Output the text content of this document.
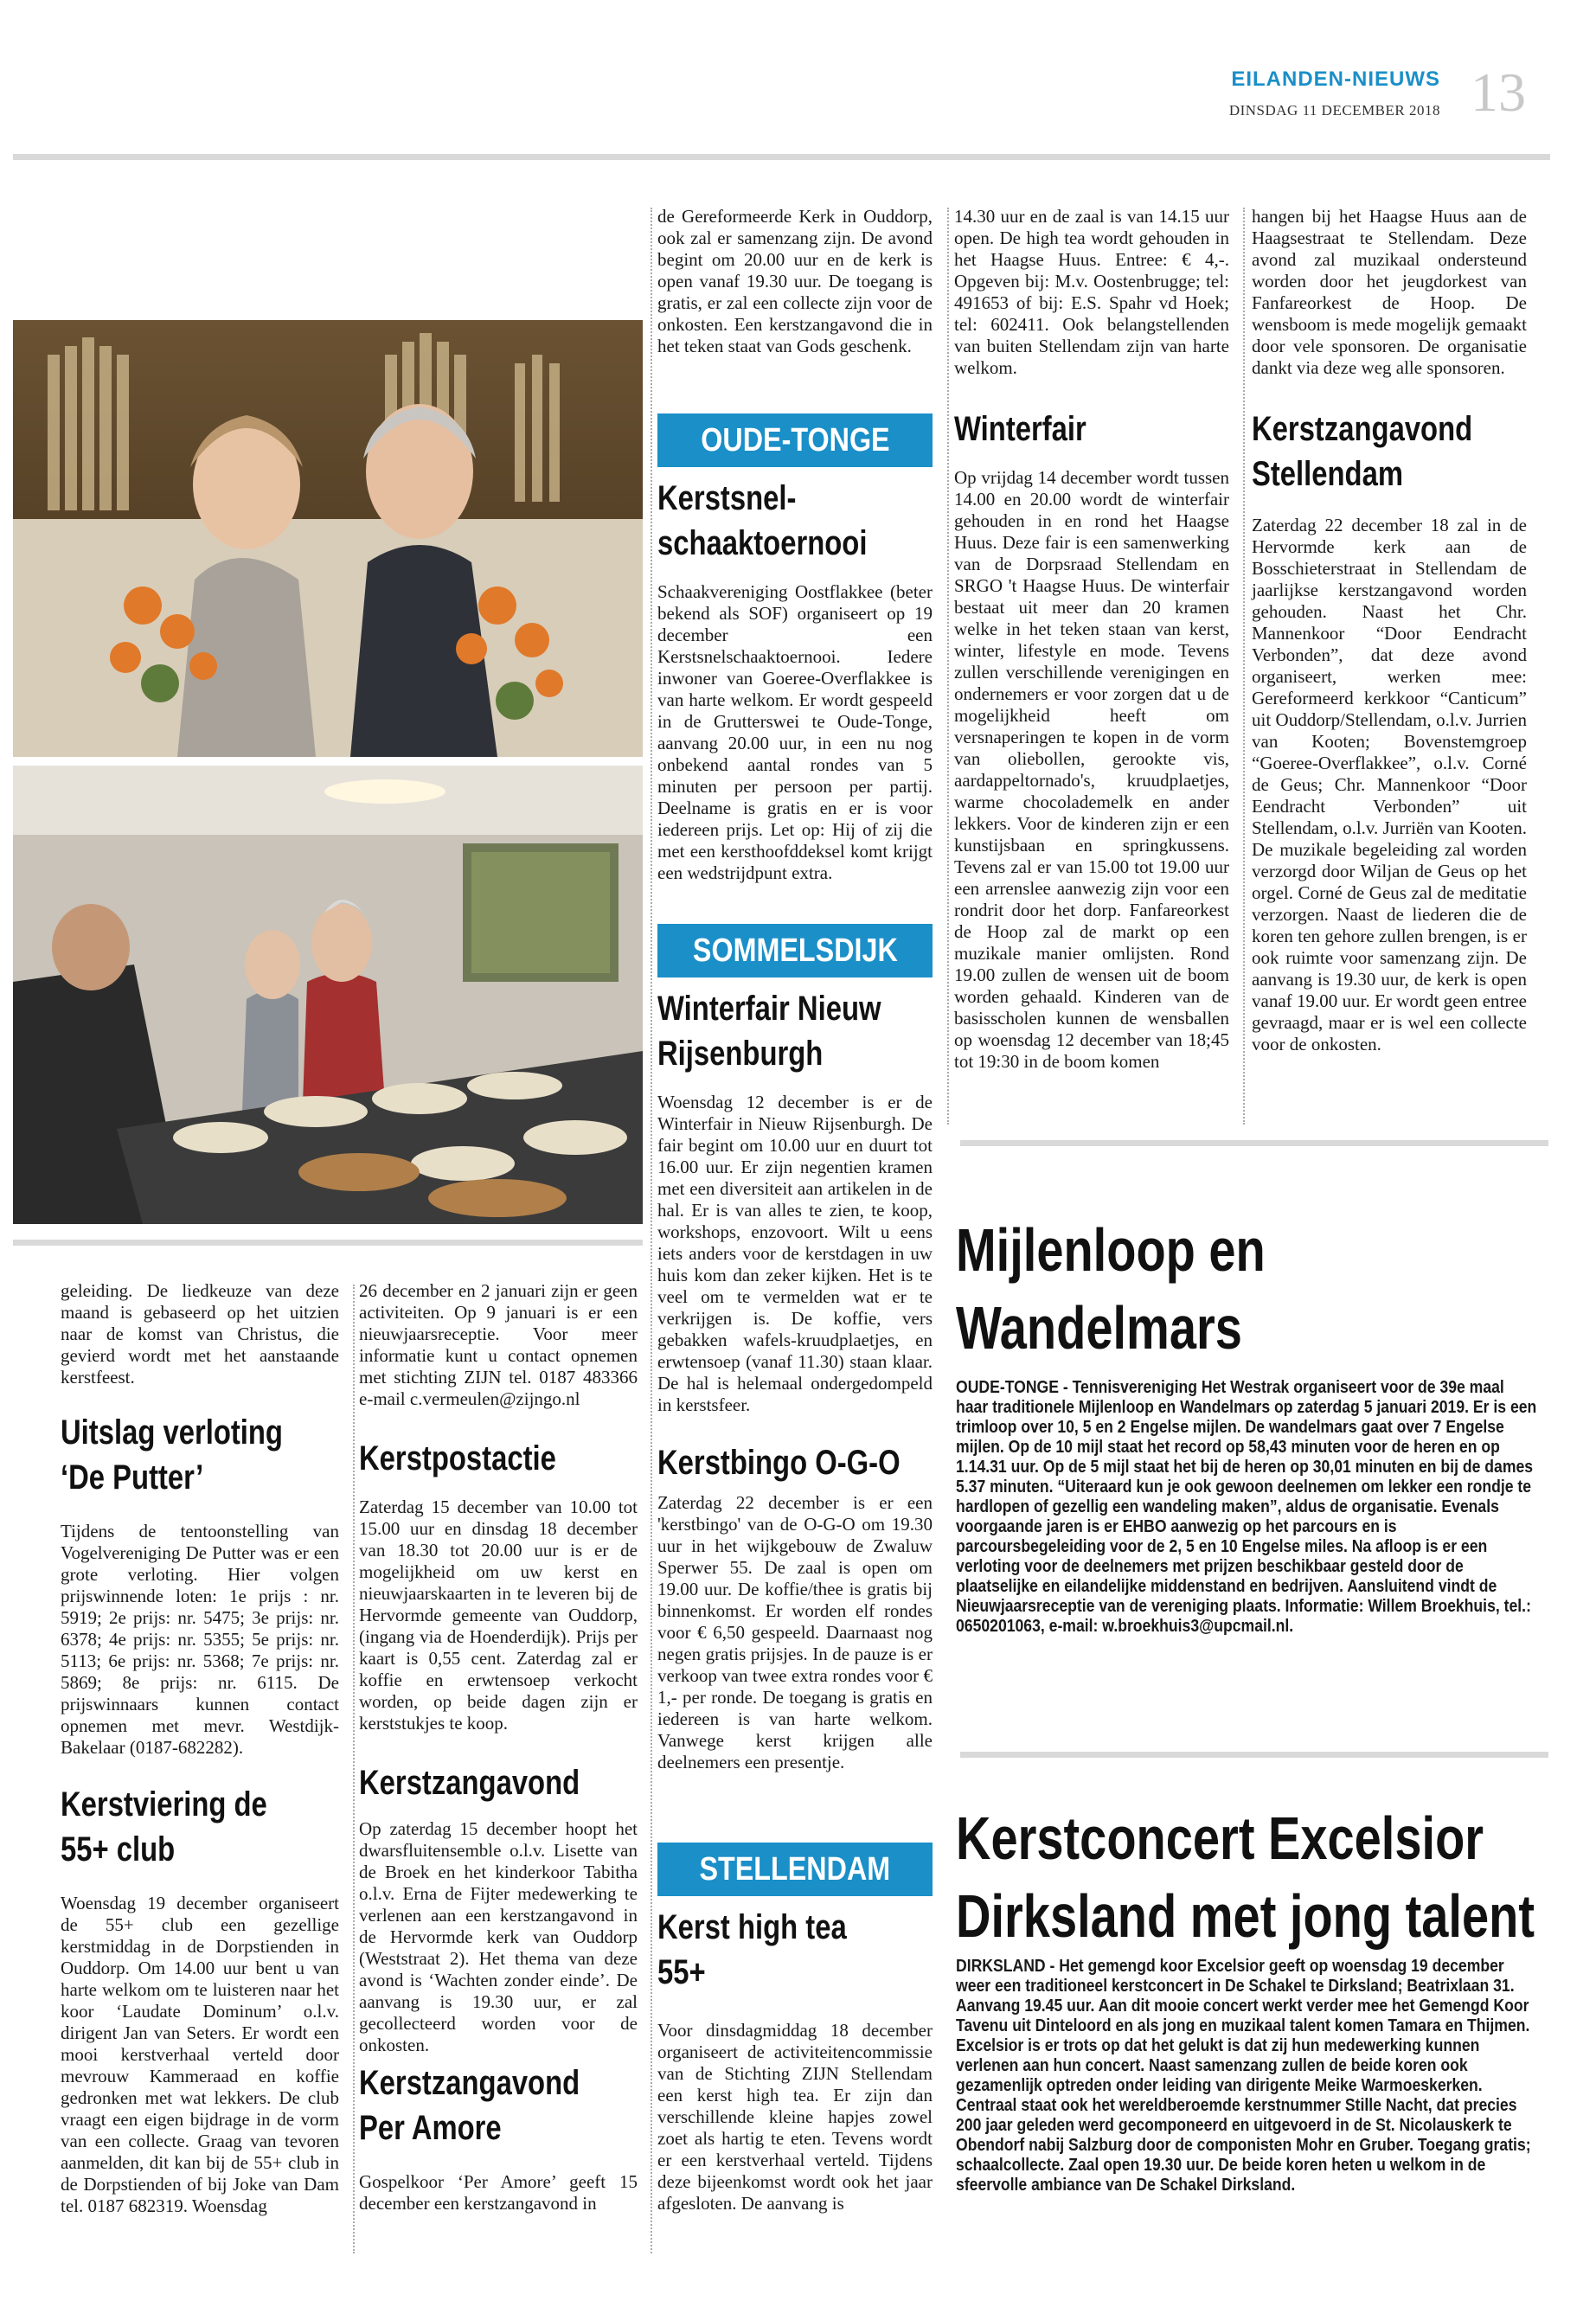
EILANDEN-NIEUWS
DINSDAG 11 DECEMBER 2018 13
de Gereformeerde Kerk in Ouddorp, ook zal er samenzang zijn. De avond begint om 20.00 uur en de kerk is open vanaf 19.30 uur. De toegang is gratis, er zal een collecte zijn voor de onkosten. Een kerstzangavond die in het teken staat van Gods geschenk.
OUDE-TONGE
Kerstsnel-schaaktoernooi
Schaakvereniging Oostflakkee (beter bekend als SOF) organiseert op 19 december een Kerstsnelschaaktoernooi. Iedere inwoner van Goeree-Overflakkee is van harte welkom. Er wordt gespeeld in de Grutterswei te Oude-Tonge, aanvang 20.00 uur, in een nu nog onbekend aantal rondes van 5 minuten per persoon per partij. Deelname is gratis en er is voor iedereen prijs. Let op: Hij of zij die met een kersthoofddeksel komt krijgt een wedstrijdpunt extra.
SOMMELSDIJK
Winterfair Nieuw Rijsenburgh
Woensdag 12 december is er de Winterfair in Nieuw Rijsenburgh. De fair begint om 10.00 uur en duurt tot 16.00 uur. Er zijn negentien kramen met een diversiteit aan artikelen in de hal. Er is van alles te zien, te koop, workshops, enzovoort. Wilt u eens iets anders voor de kerstdagen in uw huis kom dan zeker kijken. Het is te veel om te vermelden wat er te verkrijgen is. De koffie, vers gebakken wafels-kruudplaetjes, en erwtensoep (vanaf 11.30) staan klaar. De hal is helemaal ondergedompeld in kerstsfeer.
Kerstbingo O-G-O
Zaterdag 22 december is er een 'kerstbingo' van de O-G-O om 19.30 uur in het wijkgebouw de Zwaluw Sperwer 55. De zaal is open om 19.00 uur. De koffie/thee is gratis bij binnenkomst. Er worden elf rondes voor € 6,50 gespeeld. Daarnaast nog negen gratis prijsjes. In de pauze is er verkoop van twee extra rondes voor € 1,- per ronde. De toegang is gratis en iedereen is van harte welkom. Vanwege kerst krijgen alle deelnemers een presentje.
STELLENDAM
Kerst high tea 55+
Voor dinsdagmiddag 18 december organiseert de activiteitencommissie van de Stichting ZIJN Stellendam een kerst high tea. Er zijn dan verschillende kleine hapjes zowel zoet als hartig te eten. Tevens wordt er een kerstverhaal verteld. Tijdens deze bijeenkomst wordt ook het jaar afgesloten. De aanvang is
14.30 uur en de zaal is van 14.15 uur open. De high tea wordt gehouden in het Haagse Huus. Entree: € 4,-. Opgeven bij: M.v. Oostenbrugge; tel: 491653 of bij: E.S. Spahr vd Hoek; tel: 602411. Ook belangstellenden van buiten Stellendam zijn van harte welkom.
Winterfair
Op vrijdag 14 december wordt tussen 14.00 en 20.00 wordt de winterfair gehouden in en rond het Haagse Huus. Deze fair is een samenwerking van de Dorpsraad Stellendam en SRGO 't Haagse Huus. De winterfair bestaat uit meer dan 20 kramen welke in het teken staan van kerst, winter, lifestyle en mode. Tevens zullen verschillende verenigingen en ondernemers er voor zorgen dat u de mogelijkheid heeft om versnaperingen te kopen in de vorm van oliebollen, gerookte vis, aardappeltornado's, kruudplaetjes, warme chocolademelk en ander lekkers. Voor de kinderen zijn er een kunstijsbaan en springkussens. Tevens zal er van 15.00 tot 19.00 uur een arrenslee aanwezig zijn voor een rondrit door het dorp. Fanfareorkest de Hoop zal de markt op een muzikale manier omlijsten. Rond 19.00 zullen de wensen uit de boom worden gehaald. Kinderen van de basisscholen kunnen de wensballen op woensdag 12 december van 18;45 tot 19:30 in de boom komen
hangen bij het Haagse Huus aan de Haagsestraat te Stellendam. Deze avond zal muzikaal ondersteund worden door het jeugdorkest van Fanfareorkest de Hoop. De wensboom is mede mogelijk gemaakt door vele sponsoren. De organisatie dankt via deze weg alle sponsoren.
Kerstzangavond Stellendam
Zaterdag 22 december 18 zal in de Hervormde kerk aan de Bosschieterstraat in Stellendam de jaarlijkse kerstzangavond worden gehouden. Naast het Chr. Mannenkoor “Door Eendracht Verbonden”, dat deze avond organiseert, werken mee: Gereformeerd kerkkoor “Canticum” uit Ouddorp/Stellendam, o.l.v. Jurrien van Kooten; Bovenstemgroep “Goeree-Overflakkee”, o.l.v. Corné de Geus; Chr. Mannenkoor “Door Eendracht Verbonden” uit Stellendam, o.l.v. Jurriën van Kooten. De muzikale begeleiding zal worden verzorgd door Wiljan de Geus op het orgel. Corné de Geus zal de meditatie verzorgen. Naast de liederen die de koren ten gehore zullen brengen, is er ook ruimte voor samenzang zijn. De aanvang is 19.30 uur, de kerk is open vanaf 19.00 uur. Er wordt geen entree gevraagd, maar er is wel een collecte voor de onkosten.
geleiding. De liedkeuze van deze maand is gebaseerd op het uitzien naar de komst van Christus, die gevierd wordt met het aanstaande kerstfeest.
Uitslag verloting ‘De Putter’
Tijdens de tentoonstelling van Vogelvereniging De Putter was er een grote verloting. Hier volgen prijswinnende loten: 1e prijs : nr. 5919; 2e prijs: nr. 5475; 3e prijs: nr. 6378; 4e prijs: nr. 5355; 5e prijs: nr. 5113; 6e prijs: nr. 5368; 7e prijs: nr. 5869; 8e prijs: nr. 6115. De prijswinnaars kunnen contact opnemen met mevr. Westdijk-Bakelaar (0187-682282).
Kerstviering de 55+ club
Woensdag 19 december organiseert de 55+ club een gezellige kerstmiddag in de Dorpstienden in Ouddorp. Om 14.00 uur bent u van harte welkom om te luisteren naar het koor ‘Laudate Dominum’ o.l.v. dirigent Jan van Seters. Er wordt een mooi kerstverhaal verteld door mevrouw Kammeraad en koffie gedronken met wat lekkers. De club vraagt een eigen bijdrage in de vorm van een collecte. Graag van tevoren aanmelden, dit kan bij de 55+ club in de Dorpstienden of bij Joke van Dam tel. 0187 682319. Woensdag
26 december en 2 januari zijn er geen activiteiten. Op 9 januari is er een nieuwjaarsreceptie. Voor meer informatie kunt u contact opnemen met stichting ZIJN tel. 0187 483366 e-mail c.vermeulen@zijngo.nl
Kerstpostactie
Zaterdag 15 december van 10.00 tot 15.00 uur en dinsdag 18 december van 18.30 tot 20.00 uur is er de mogelijkheid om uw kerst en nieuwjaarskaarten in te leveren bij de Hervormde gemeente van Ouddorp, (ingang via de Hoenderdijk). Prijs per kaart is 0,55 cent. Zaterdag zal er koffie en erwtensoep verkocht worden, op beide dagen zijn er kerststukjes te koop.
Kerstzangavond
Op zaterdag 15 december hoopt het dwarsfluitensemble o.l.v. Lisette van de Broek en het kinderkoor Tabitha o.l.v. Erna de Fijter medewerking te verlenen aan een kerstzangavond in de Hervormde kerk van Ouddorp (Weststraat 2). Het thema van deze avond is ‘Wachten zonder einde’. De aanvang is 19.30 uur, er zal gecollecteerd worden voor de onkosten.
Kerstzangavond Per Amore
Gospelkoor ‘Per Amore’ geeft 15 december een kerstzangavond in
Mijlenloop en Wandelmars
OUDE-TONGE - Tennisvereniging Het Westrak organiseert voor de 39e maal haar traditionele Mijlenloop en Wandelmars op zaterdag 5 januari 2019. Er is een trimloop over 10, 5 en 2 Engelse mijlen. De wandelmars gaat over 7 Engelse mijlen. Op de 10 mijl staat het record op 58,43 minuten voor de heren en op 1.14.31 uur. Op de 5 mijl staat het bij de heren op 30,01 minuten en bij de dames 5.37 minuten. “Uiteraard kun je ook gewoon deelnemen om lekker een rondje te hardlopen of gezellig een wandeling maken”, aldus de organisatie. Evenals voorgaande jaren is er EHBO aanwezig op het parcours en is parcoursbegeleiding voor de 2, 5 en 10 Engelse miles. Na afloop is er een verloting voor de deelnemers met prijzen beschikbaar gesteld door de plaatselijke en eilandelijke middenstand en bedrijven. Aansluitend vindt de Nieuwjaarsreceptie van de vereniging plaats. Informatie: Willem Broekhuis, tel.: 0650201063, e-mail: w.broekhuis3@upcmail.nl.
Kerstconcert Excelsior Dirksland met jong talent
DIRKSLAND - Het gemengd koor Excelsior geeft op woensdag 19 december weer een traditioneel kerstconcert in De Schakel te Dirksland; Beatrixlaan 31. Aanvang 19.45 uur. Aan dit mooie concert werkt verder mee het Gemengd Koor Tavenu uit Dinteloord en als jong en muzikaal talent komen Tamara en Thijmen. Excelsior is er trots op dat het gelukt is dat zij hun medewerking kunnen verlenen aan hun concert. Naast samenzang zullen de beide koren ook gezamenlijk optreden onder leiding van dirigente Meike Warmoeskerken. Centraal staat ook het wereldberoemde kerstnummer Stille Nacht, dat precies 200 jaar geleden werd gecomponeerd en uitgevoerd in de St. Nicolauskerk te Obendorf nabij Salzburg door de componisten Mohr en Gruber. Toegang gratis; schaalcollecte. Zaal open 19.30 uur. De beide koren heten u welkom in de sfeervolle ambiance van De Schakel Dirksland.
